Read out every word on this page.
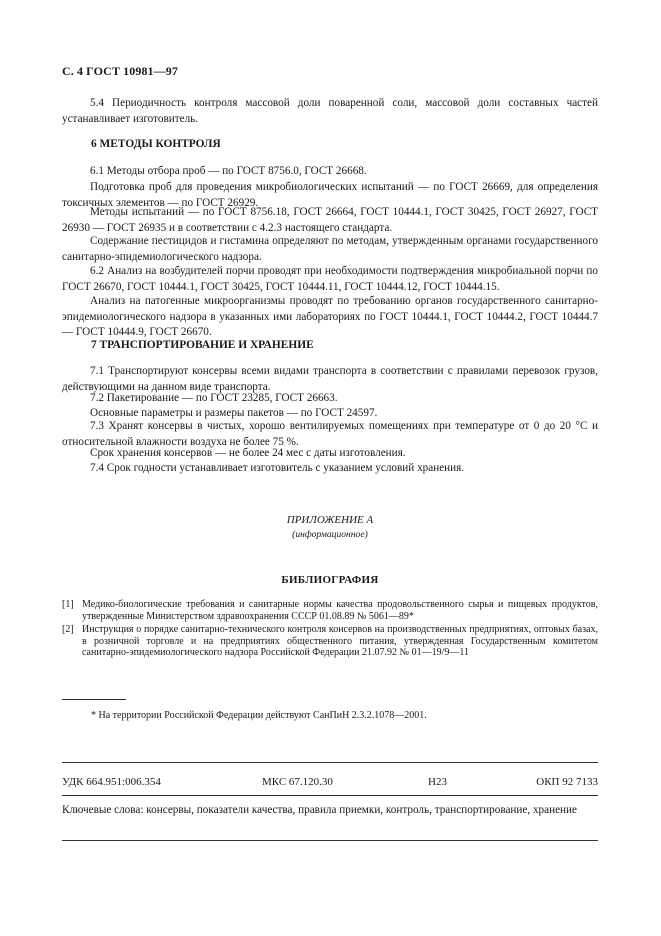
С. 4 ГОСТ 10981—97

5.4 Периодичность контроля массовой доли поваренной соли, массовой доли составных частей устанавливает изготовитель.

6 МЕТОДЫ КОНТРОЛЯ

6.1 Методы отбора проб — по ГОСТ 8756.0, ГОСТ 26668.

Подготовка проб для проведения микробиологических испытаний — по ГОСТ 26669, для определения токсичных элементов — по ГОСТ 26929.

Методы испытаний — по ГОСТ 8756.18, ГОСТ 26664, ГОСТ 10444.1, ГОСТ 30425, ГОСТ 26927, ГОСТ 26930 — ГОСТ 26935 и в соответствии с 4.2.3 настоящего стандарта.

Содержание пестицидов и гистамина определяют по методам, утвержденным органами государственного санитарно-эпидемиологического надзора.

6.2 Анализ на возбудителей порчи проводят при необходимости подтверждения микробиальной порчи по ГОСТ 26670, ГОСТ 10444.1, ГОСТ 30425, ГОСТ 10444.11, ГОСТ 10444.12, ГОСТ 10444.15.

Анализ на патогенные микроорганизмы проводят по требованию органов государственного санитарно-эпидемиологического надзора в указанных ими лабораториях по ГОСТ 10444.1, ГОСТ 10444.2, ГОСТ 10444.7 — ГОСТ 10444.9, ГОСТ 26670.

7 ТРАНСПОРТИРОВАНИЕ И ХРАНЕНИЕ

7.1 Транспортируют консервы всеми видами транспорта в соответствии с правилами перевозок грузов, действующими на данном виде транспорта.

7.2 Пакетирование — по ГОСТ 23285, ГОСТ 26663.

Основные параметры и размеры пакетов — по ГОСТ 24597.

7.3 Хранят консервы в чистых, хорошо вентилируемых помещениях при температуре от 0 до 20 °С и относительной влажности воздуха не более 75 %.

Срок хранения консервов — не более 24 мес с даты изготовления.

7.4 Срок годности устанавливает изготовитель с указанием условий хранения.

ПРИЛОЖЕНИЕ А

(информационное)

БИБЛИОГРАФИЯ

[1] Медико-биологические требования и санитарные нормы качества продовольственного сырья и пищевых продуктов, утвержденные Министерством здравоохранения СССР 01.08.89 № 5061—89*

[2] Инструкция о порядке санитарно-технического контроля консервов на производственных предприятиях, оптовых базах, в розничной торговле и на предприятиях общественного питания, утвержденная Государственным комитетом санитарно-эпидемиологического надзора Российской Федерации 21.07.92 № 01—19/9—11

* На территории Российской Федерации действуют СанПиН 2.3.2.1078—2001.
УДК 664.951:006.354	МКС 67.120.30	Н23	ОКП 92 7133

Ключевые слова: консервы, показатели качества, правила приемки, контроль, транспортирование, хранение
